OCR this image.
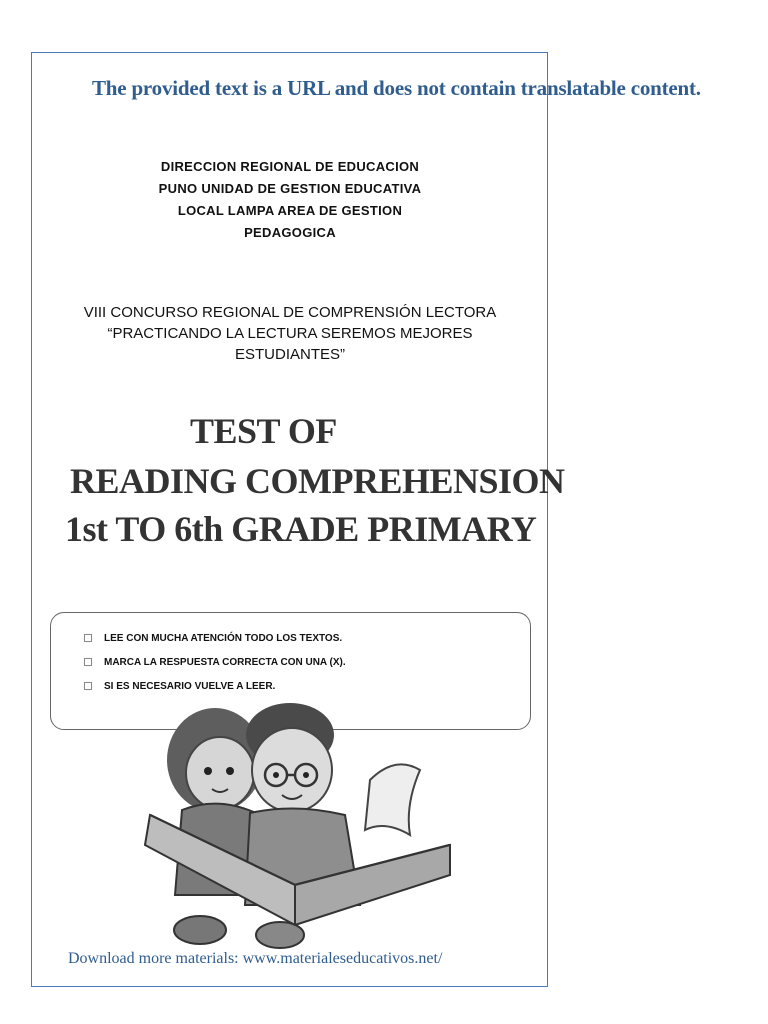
The provided text is a URL and does not contain translatable content.
DIRECCION REGIONAL DE EDUCACION
PUNO UNIDAD DE GESTION EDUCATIVA
LOCAL LAMPA AREA DE GESTION
PEDAGOGICA
VIII CONCURSO REGIONAL DE COMPRENSIÓN LECTORA
“PRACTICANDO LA LECTURA SEREMOS MEJORES
ESTUDIANTES”
TEST OF
READING COMPREHENSION
1st TO 6th GRADE PRIMARY
LEE CON MUCHA ATENCIÓN TODO LOS TEXTOS.
MARCA LA RESPUESTA CORRECTA CON UNA (X).
SI ES NECESARIO VUELVE A LEER.
Download more materials: www.materialeseducativos.net/
